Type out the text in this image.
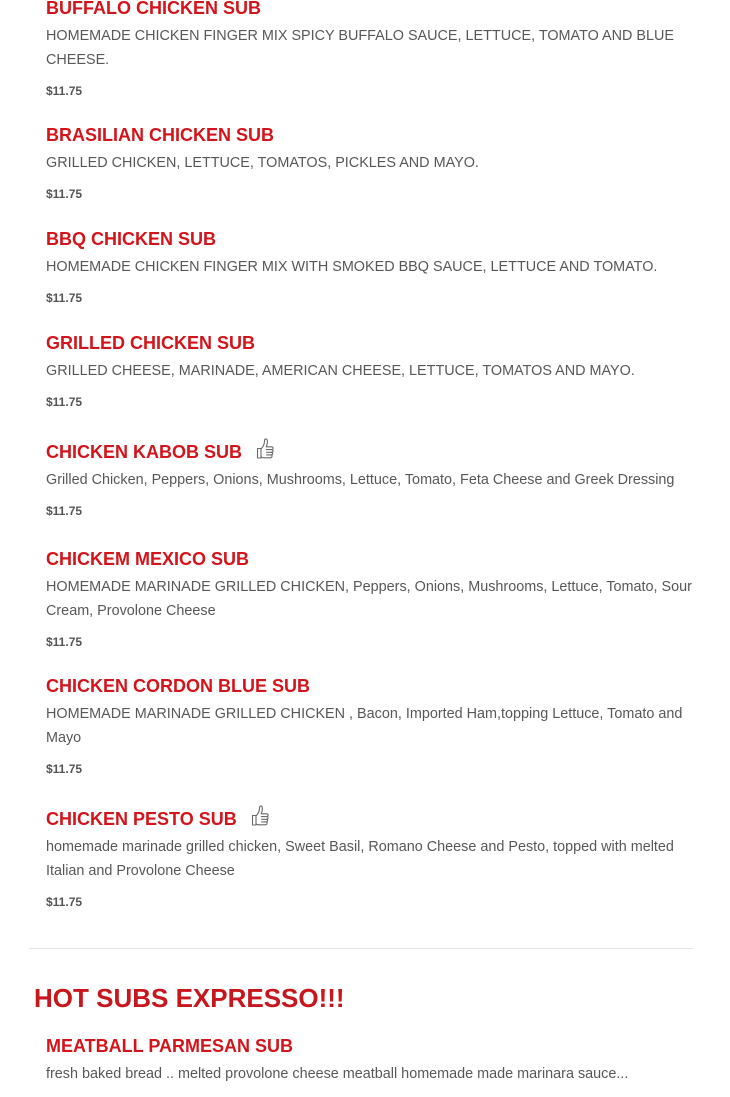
BUFFALO CHICKEN SUB
HOMEMADE CHICKEN FINGER MIX SPICY BUFFALO SAUCE, LETTUCE, TOMATO AND BLUE CHEESE.
$11.75
BRASILIAN CHICKEN SUB
GRILLED CHICKEN, LETTUCE, TOMATOS, PICKLES AND MAYO.
$11.75
BBQ CHICKEN SUB
HOMEMADE CHICKEN FINGER MIX WITH SMOKED BBQ SAUCE, LETTUCE AND TOMATO.
$11.75
GRILLED CHICKEN SUB
GRILLED CHEESE, MARINADE, AMERICAN CHEESE, LETTUCE, TOMATOS AND MAYO.
$11.75
CHICKEN KABOB SUB
Grilled Chicken, Peppers, Onions, Mushrooms, Lettuce, Tomato, Feta Cheese and Greek Dressing
$11.75
CHICKEM MEXICO SUB
HOMEMADE MARINADE GRILLED CHICKEN, Peppers, Onions, Mushrooms, Lettuce, Tomato, Sour Cream, Provolone Cheese
$11.75
CHICKEN CORDON BLUE SUB
HOMEMADE MARINADE GRILLED CHICKEN , Bacon, Imported Ham,topping Lettuce, Tomato and Mayo
$11.75
CHICKEN PESTO SUB
homemade marinade grilled chicken, Sweet Basil, Romano Cheese and Pesto, topped with melted Italian and Provolone Cheese
$11.75
HOT SUBS EXPRESSO!!!
MEATBALL PARMESAN SUB
fresh baked bread .. melted provolone cheese meatball homemade made marinara sauce...
